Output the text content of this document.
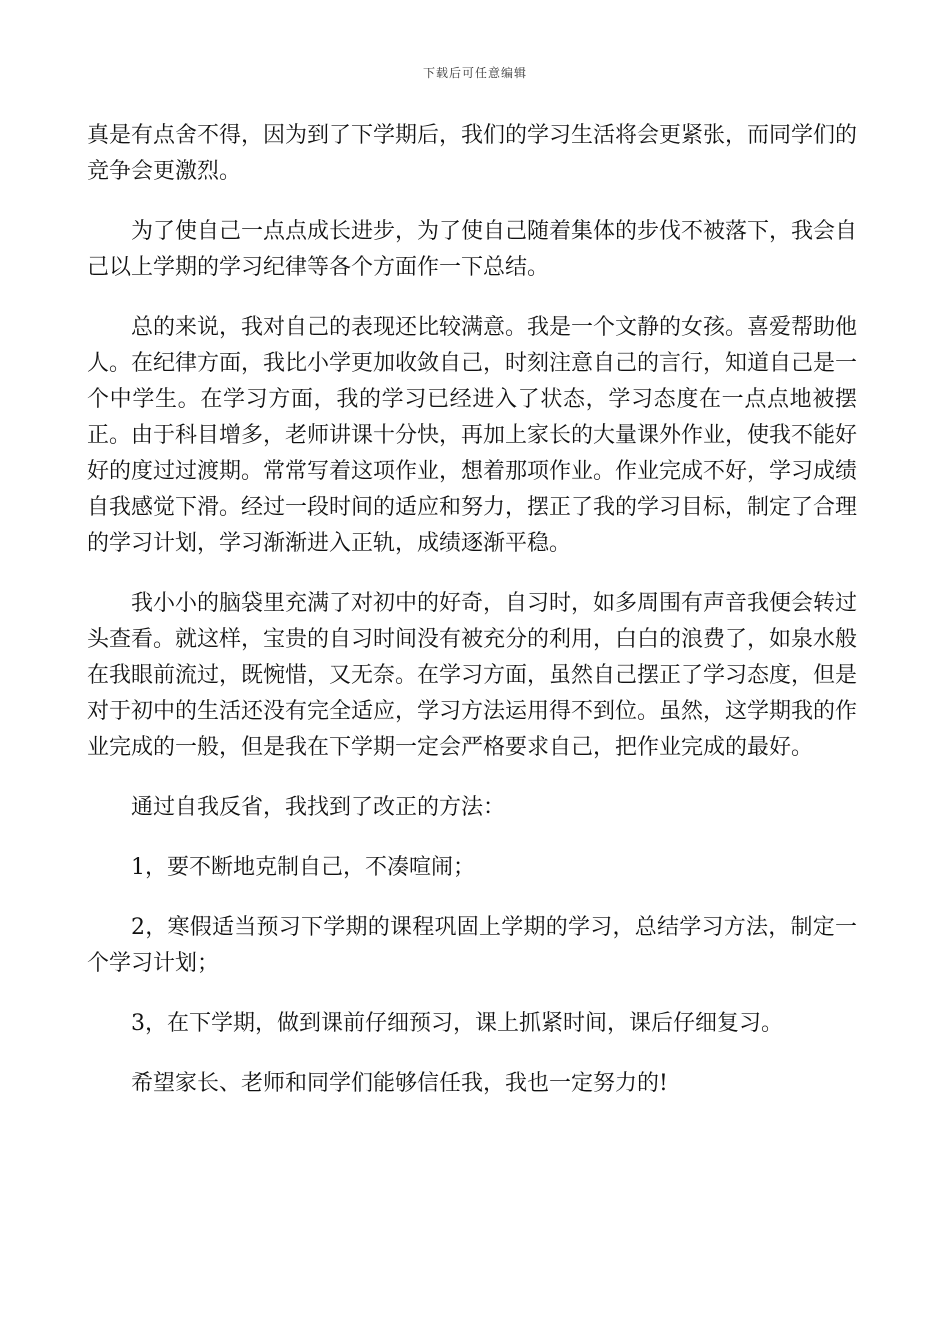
下载后可任意编辑

真是有点舍不得，因为到了下学期后，我们的学习生活将会更紧张，而同学们的竞争会更激烈。

为了使自己一点点成长进步，为了使自己随着集体的步伐不被落下，我会自己以上学期的学习纪律等各个方面作一下总结。

总的来说，我对自己的表现还比较满意。我是一个文静的女孩。喜爱帮助他人。在纪律方面，我比小学更加收敛自己，时刻注意自己的言行，知道自己是一个中学生。在学习方面，我的学习已经进入了状态，学习态度在一点点地被摆正。由于科目增多，老师讲课十分快，再加上家长的大量课外作业，使我不能好好的度过过渡期。常常写着这项作业，想着那项作业。作业完成不好，学习成绩自我感觉下滑。经过一段时间的适应和努力，摆正了我的学习目标，制定了合理的学习计划，学习渐渐进入正轨，成绩逐渐平稳。

我小小的脑袋里充满了对初中的好奇，自习时，如多周围有声音我便会转过头查看。就这样，宝贵的自习时间没有被充分的利用，白白的浪费了，如泉水般在我眼前流过，既惋惜，又无奈。在学习方面，虽然自己摆正了学习态度，但是对于初中的生活还没有完全适应，学习方法运用得不到位。虽然，这学期我的作业完成的一般，但是我在下学期一定会严格要求自己，把作业完成的最好。

通过自我反省，我找到了改正的方法：

1，要不断地克制自己，不凑喧闹；

2，寒假适当预习下学期的课程巩固上学期的学习，总结学习方法，制定一个学习计划；

3，在下学期，做到课前仔细预习，课上抓紧时间，课后仔细复习。

希望家长、老师和同学们能够信任我，我也一定努力的!
